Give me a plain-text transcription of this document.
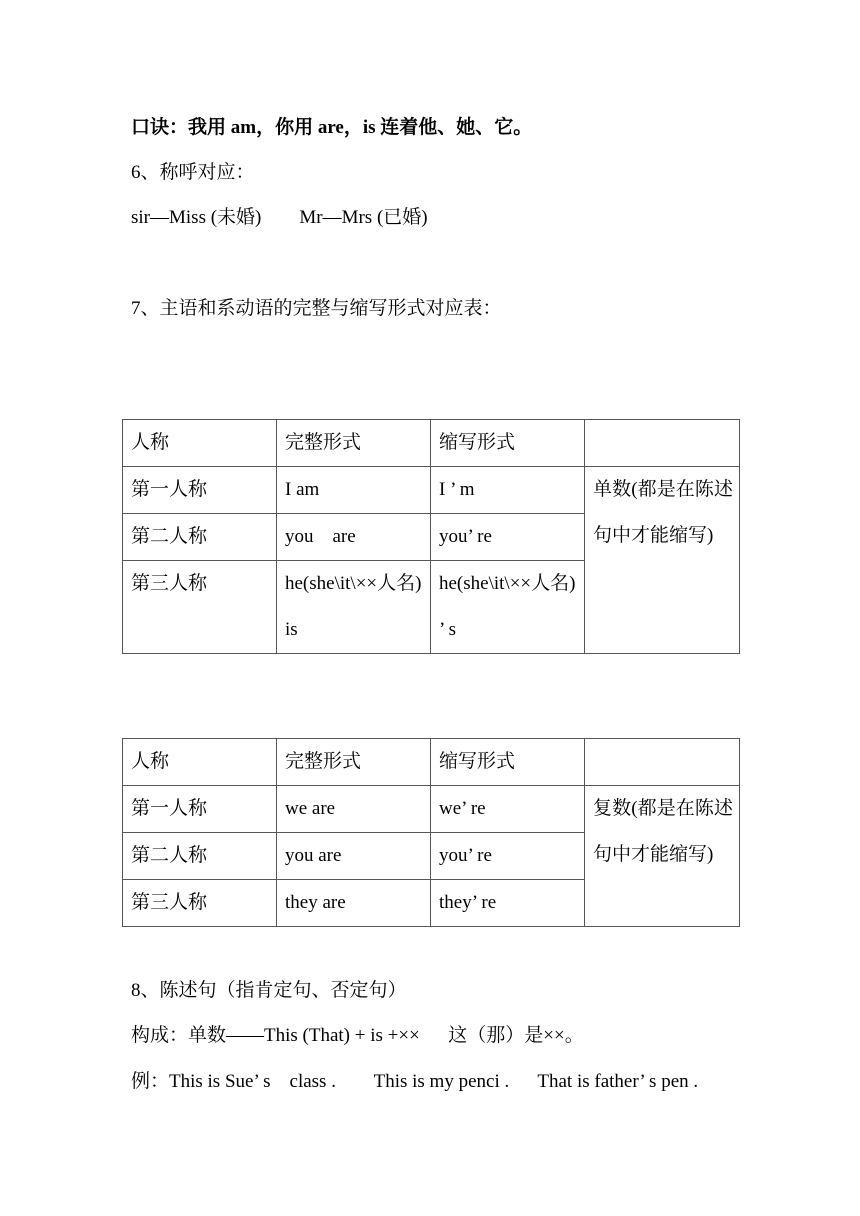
口诀：我用 am，你用 are，is 连着他、她、它。
6、称呼对应：
sir—Miss (未婚)        Mr—Mrs (已婚)
7、主语和系动语的完整与缩写形式对应表：
人称	完整形式	缩写形式	
第一人称	I am	I ’ m	单数(都是在陈述句中才能缩写)
第二人称	you    are	you’ re	
第三人称	he(she\it\××人名) is	he(she\it\××人名) ’ s	
人称	完整形式	缩写形式	
第一人称	we are	we’ re	复数(都是在陈述句中才能缩写)
第二人称	you are	you’ re	
第三人称	they are	they’ re	
8、陈述句（指肯定句、否定句）
构成：单数——This (That) + is +××      这（那）是××。
例：This is Sue’ s    class .        This is my penci .      That is father’ s pen .
